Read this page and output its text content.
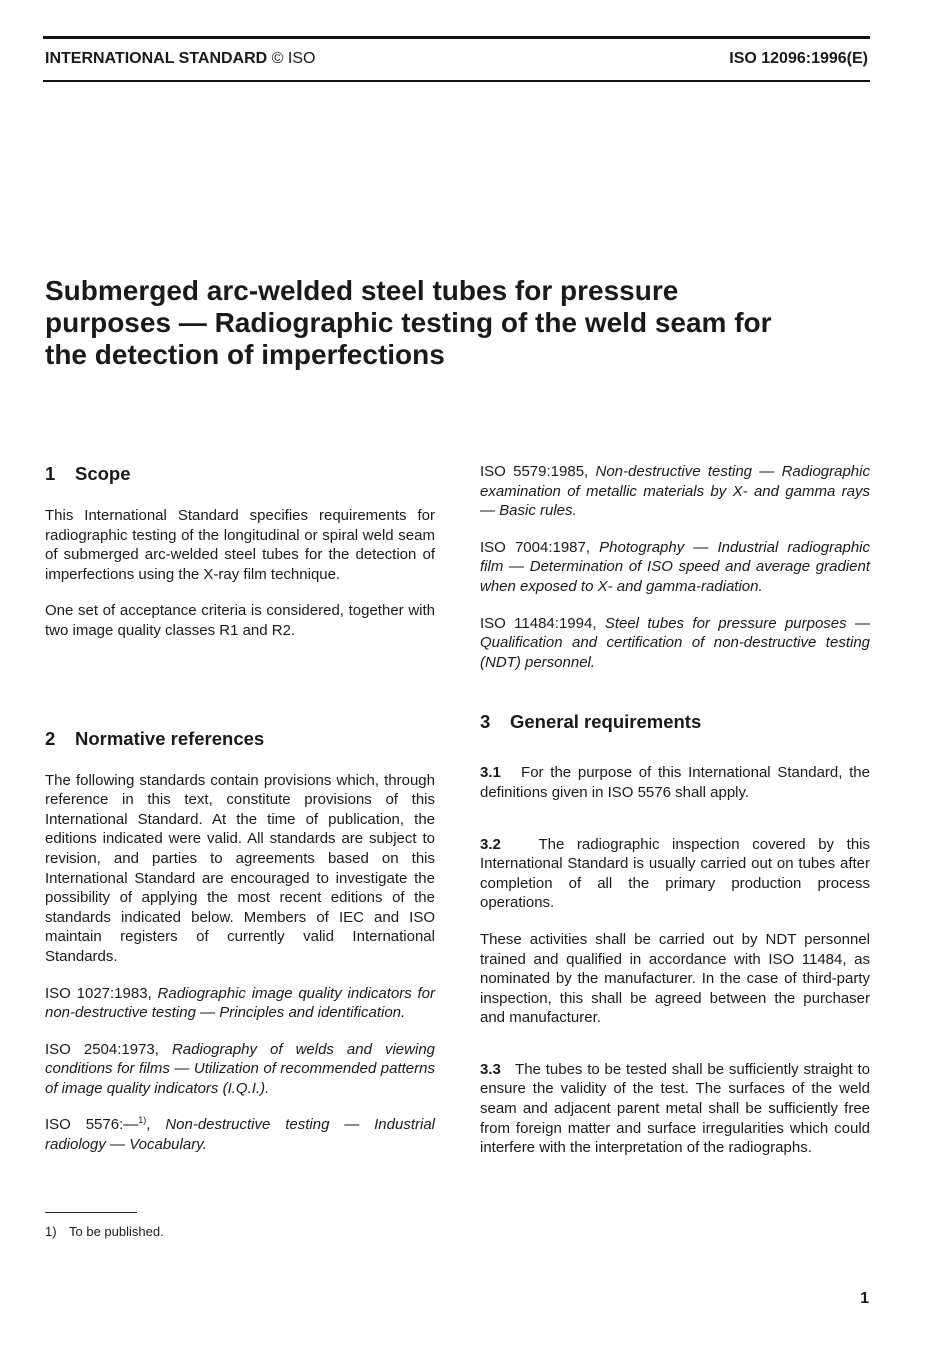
INTERNATIONAL STANDARD © ISO	ISO 12096:1996(E)
Submerged arc-welded steel tubes for pressure
purposes — Radiographic testing of the weld seam for
the detection of imperfections
1 Scope

This International Standard specifies requirements for radiographic testing of the longitudinal or spiral weld seam of submerged arc-welded steel tubes for the detection of imperfections using the X-ray film technique.

One set of acceptance criteria is considered, together with two image quality classes R1 and R2.

2 Normative references

The following standards contain provisions which, through reference in this text, constitute provisions of this International Standard. At the time of publication, the editions indicated were valid. All standards are subject to revision, and parties to agreements based on this International Standard are encouraged to investigate the possibility of applying the most recent editions of the standards indicated below. Members of IEC and ISO maintain registers of currently valid International Standards.

ISO 1027:1983, Radiographic image quality indicators for non-destructive testing — Principles and identification.

ISO 2504:1973, Radiography of welds and viewing conditions for films — Utilization of recommended patterns of image quality indicators (I.Q.I.).

ISO 5576:—$^{1)}$, Non-destructive testing — Industrial radiology — Vocabulary.

ISO 5579:1985, Non-destructive testing — Radiographic examination of metallic materials by X- and gamma rays — Basic rules.

ISO 7004:1987, Photography — Industrial radiographic film — Determination of ISO speed and average gradient when exposed to X- and gamma-radiation.

ISO 11484:1994, Steel tubes for pressure purposes — Qualification and certification of non-destructive testing (NDT) personnel.

3 General requirements

3.1 For the purpose of this International Standard, the definitions given in ISO 5576 shall apply.

3.2	The radiographic inspection covered by this International Standard is usually carried out on tubes after completion of all the primary production process operations.

These activities shall be carried out by NDT personnel trained and qualified in accordance with ISO 11484, as nominated by the manufacturer. In the case of third-party inspection, this shall be agreed between the purchaser and manufacturer.

3.3 The tubes to be tested shall be sufficiently straight to ensure the validity of the test. The surfaces of the weld seam and adjacent parent metal shall be sufficiently free from foreign matter and surface irregularities which could interfere with the interpretation of the radiographs.

1) To be published.
1
